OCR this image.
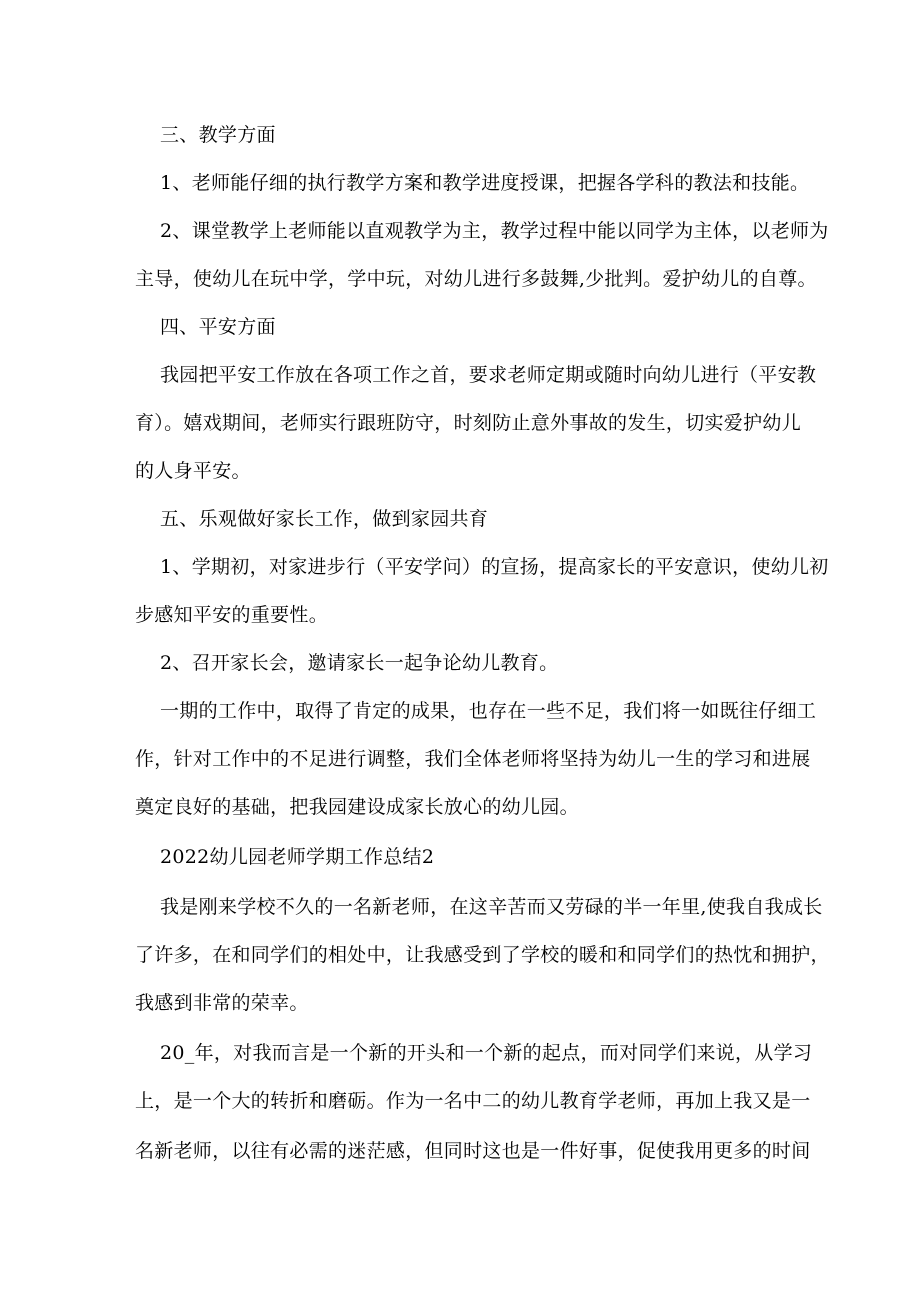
三、教学方面
1、老师能仔细的执行教学方案和教学进度授课，把握各学科的教法和技能。
2、课堂教学上老师能以直观教学为主，教学过程中能以同学为主体，以老师为
主导，使幼儿在玩中学，学中玩，对幼儿进行多鼓舞,少批判。爱护幼儿的自尊。
四、平安方面
我园把平安工作放在各项工作之首，要求老师定期或随时向幼儿进行（平安教
育）。嬉戏期间，老师实行跟班防守，时刻防止意外事故的发生，切实爱护幼儿
的人身平安。
五、乐观做好家长工作，做到家园共育
1、学期初，对家进步行（平安学问）的宣扬，提高家长的平安意识，使幼儿初
步感知平安的重要性。
2、召开家长会，邀请家长一起争论幼儿教育。
一期的工作中，取得了肯定的成果，也存在一些不足，我们将一如既往仔细工
作，针对工作中的不足进行调整，我们全体老师将坚持为幼儿一生的学习和进展
奠定良好的基础，把我园建设成家长放心的幼儿园。
2022幼儿园老师学期工作总结2
我是刚来学校不久的一名新老师，在这辛苦而又劳碌的半一年里,使我自我成长
了许多，在和同学们的相处中，让我感受到了学校的暖和和同学们的热忱和拥护，
我感到非常的荣幸。
20_年，对我而言是一个新的开头和一个新的起点，而对同学们来说，从学习
上，是一个大的转折和磨砺。作为一名中二的幼儿教育学老师，再加上我又是一
名新老师，以往有必需的迷茫感，但同时这也是一件好事，促使我用更多的时间
